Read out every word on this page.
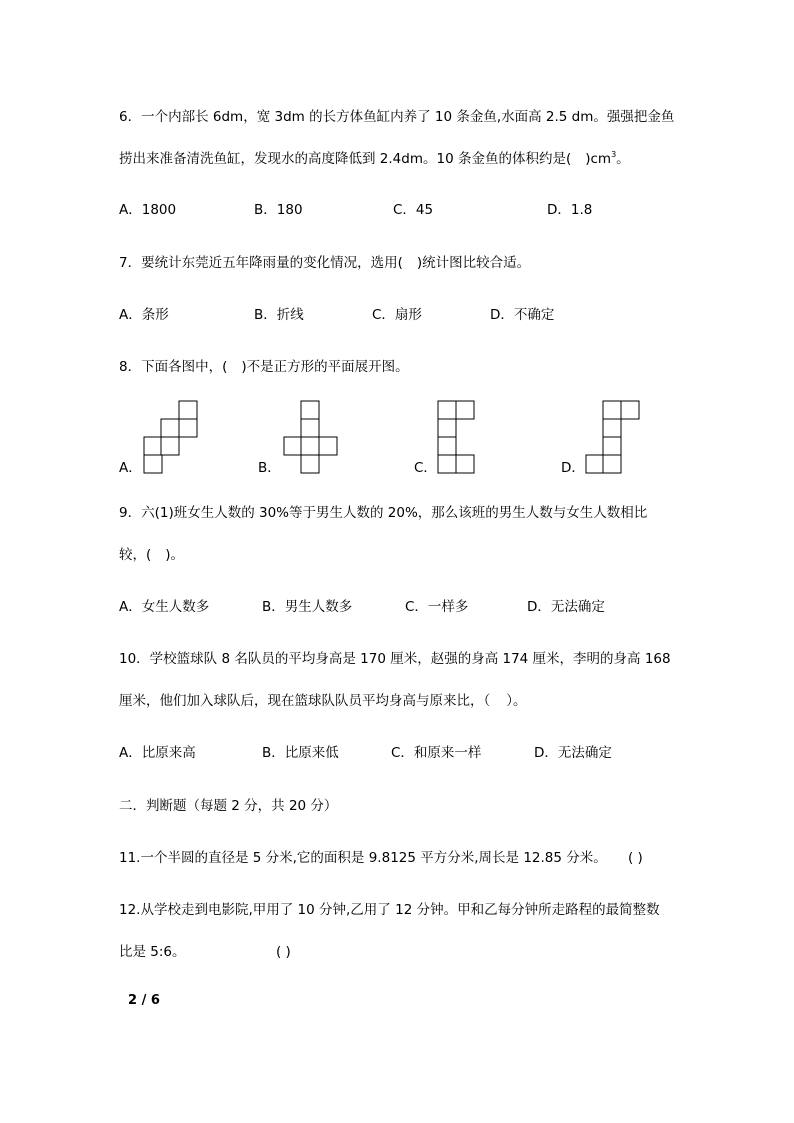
6．一个内部长 6dm，宽 3dm 的长方体鱼缸内养了 10 条金鱼,水面高 2.5 dm。强强把金鱼
捞出来准备清洗鱼缸，发现水的高度降低到 2.4dm。10 条金鱼的体积约是( )$cm^3$。
A．1800	B．180	C．45	D．1.8
7．要统计东莞近五年降雨量的变化情况，选用( )统计图比较合适。
A．条形	B．折线	C．扇形	D．不确定
8．下面各图中，( )不是正方形的平面展开图。
A．	B．	C．	D．
9．六(1)班女生人数的 30%等于男生人数的 20%，那么该班的男生人数与女生人数相比
较，( )。
A．女生人数多	B．男生人数多	C．一样多	D．无法确定
10．学校篮球队 8 名队员的平均身高是 170 厘米，赵强的身高 174 厘米，李明的身高 168
厘米，他们加入球队后，现在篮球队队员平均身高与原来比，（ ）。
A．比原来高	B．比原来低	C．和原来一样	D．无法确定
二．判断题（每题 2 分，共 20 分）
11.一个半圆的直径是 5 分米,它的面积是 9.8125 平方分米,周长是 12.85 分米。 ( )
12.从学校走到电影院,甲用了 10 分钟,乙用了 12 分钟。甲和乙每分钟所走路程的最简整数
比是 5:6。	( )
2 / 6
